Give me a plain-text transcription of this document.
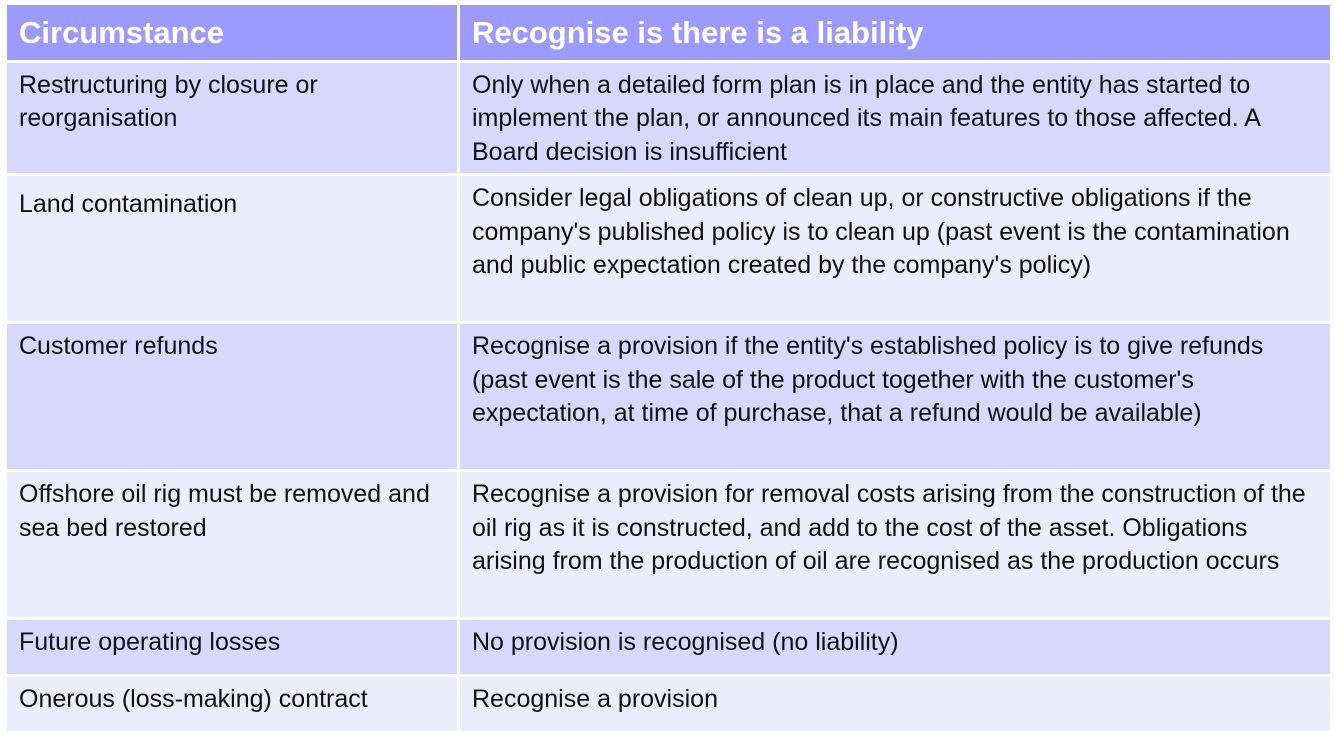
Circumstance	Recognise is there is a liability
Restructuring by closure or reorganisation	Only when a detailed form plan is in place and the entity has started to implement the plan, or announced its main features to those affected. A Board decision is insufficient
Land contamination	Consider legal obligations of clean up, or constructive obligations if the company's published policy is to clean up (past event is the contamination and public expectation created by the company's policy)
Customer refunds	Recognise a provision if the entity's established policy is to give refunds (past event is the sale of the product together with the customer's expectation, at time of purchase, that a refund would be available)
Offshore oil rig must be removed and sea bed restored	Recognise a provision for removal costs arising from the construction of the oil rig as it is constructed, and add to the cost of the asset. Obligations arising from the production of oil are recognised as the production occurs
Future operating losses	No provision is recognised (no liability)
Onerous (loss-making) contract	Recognise a provision
